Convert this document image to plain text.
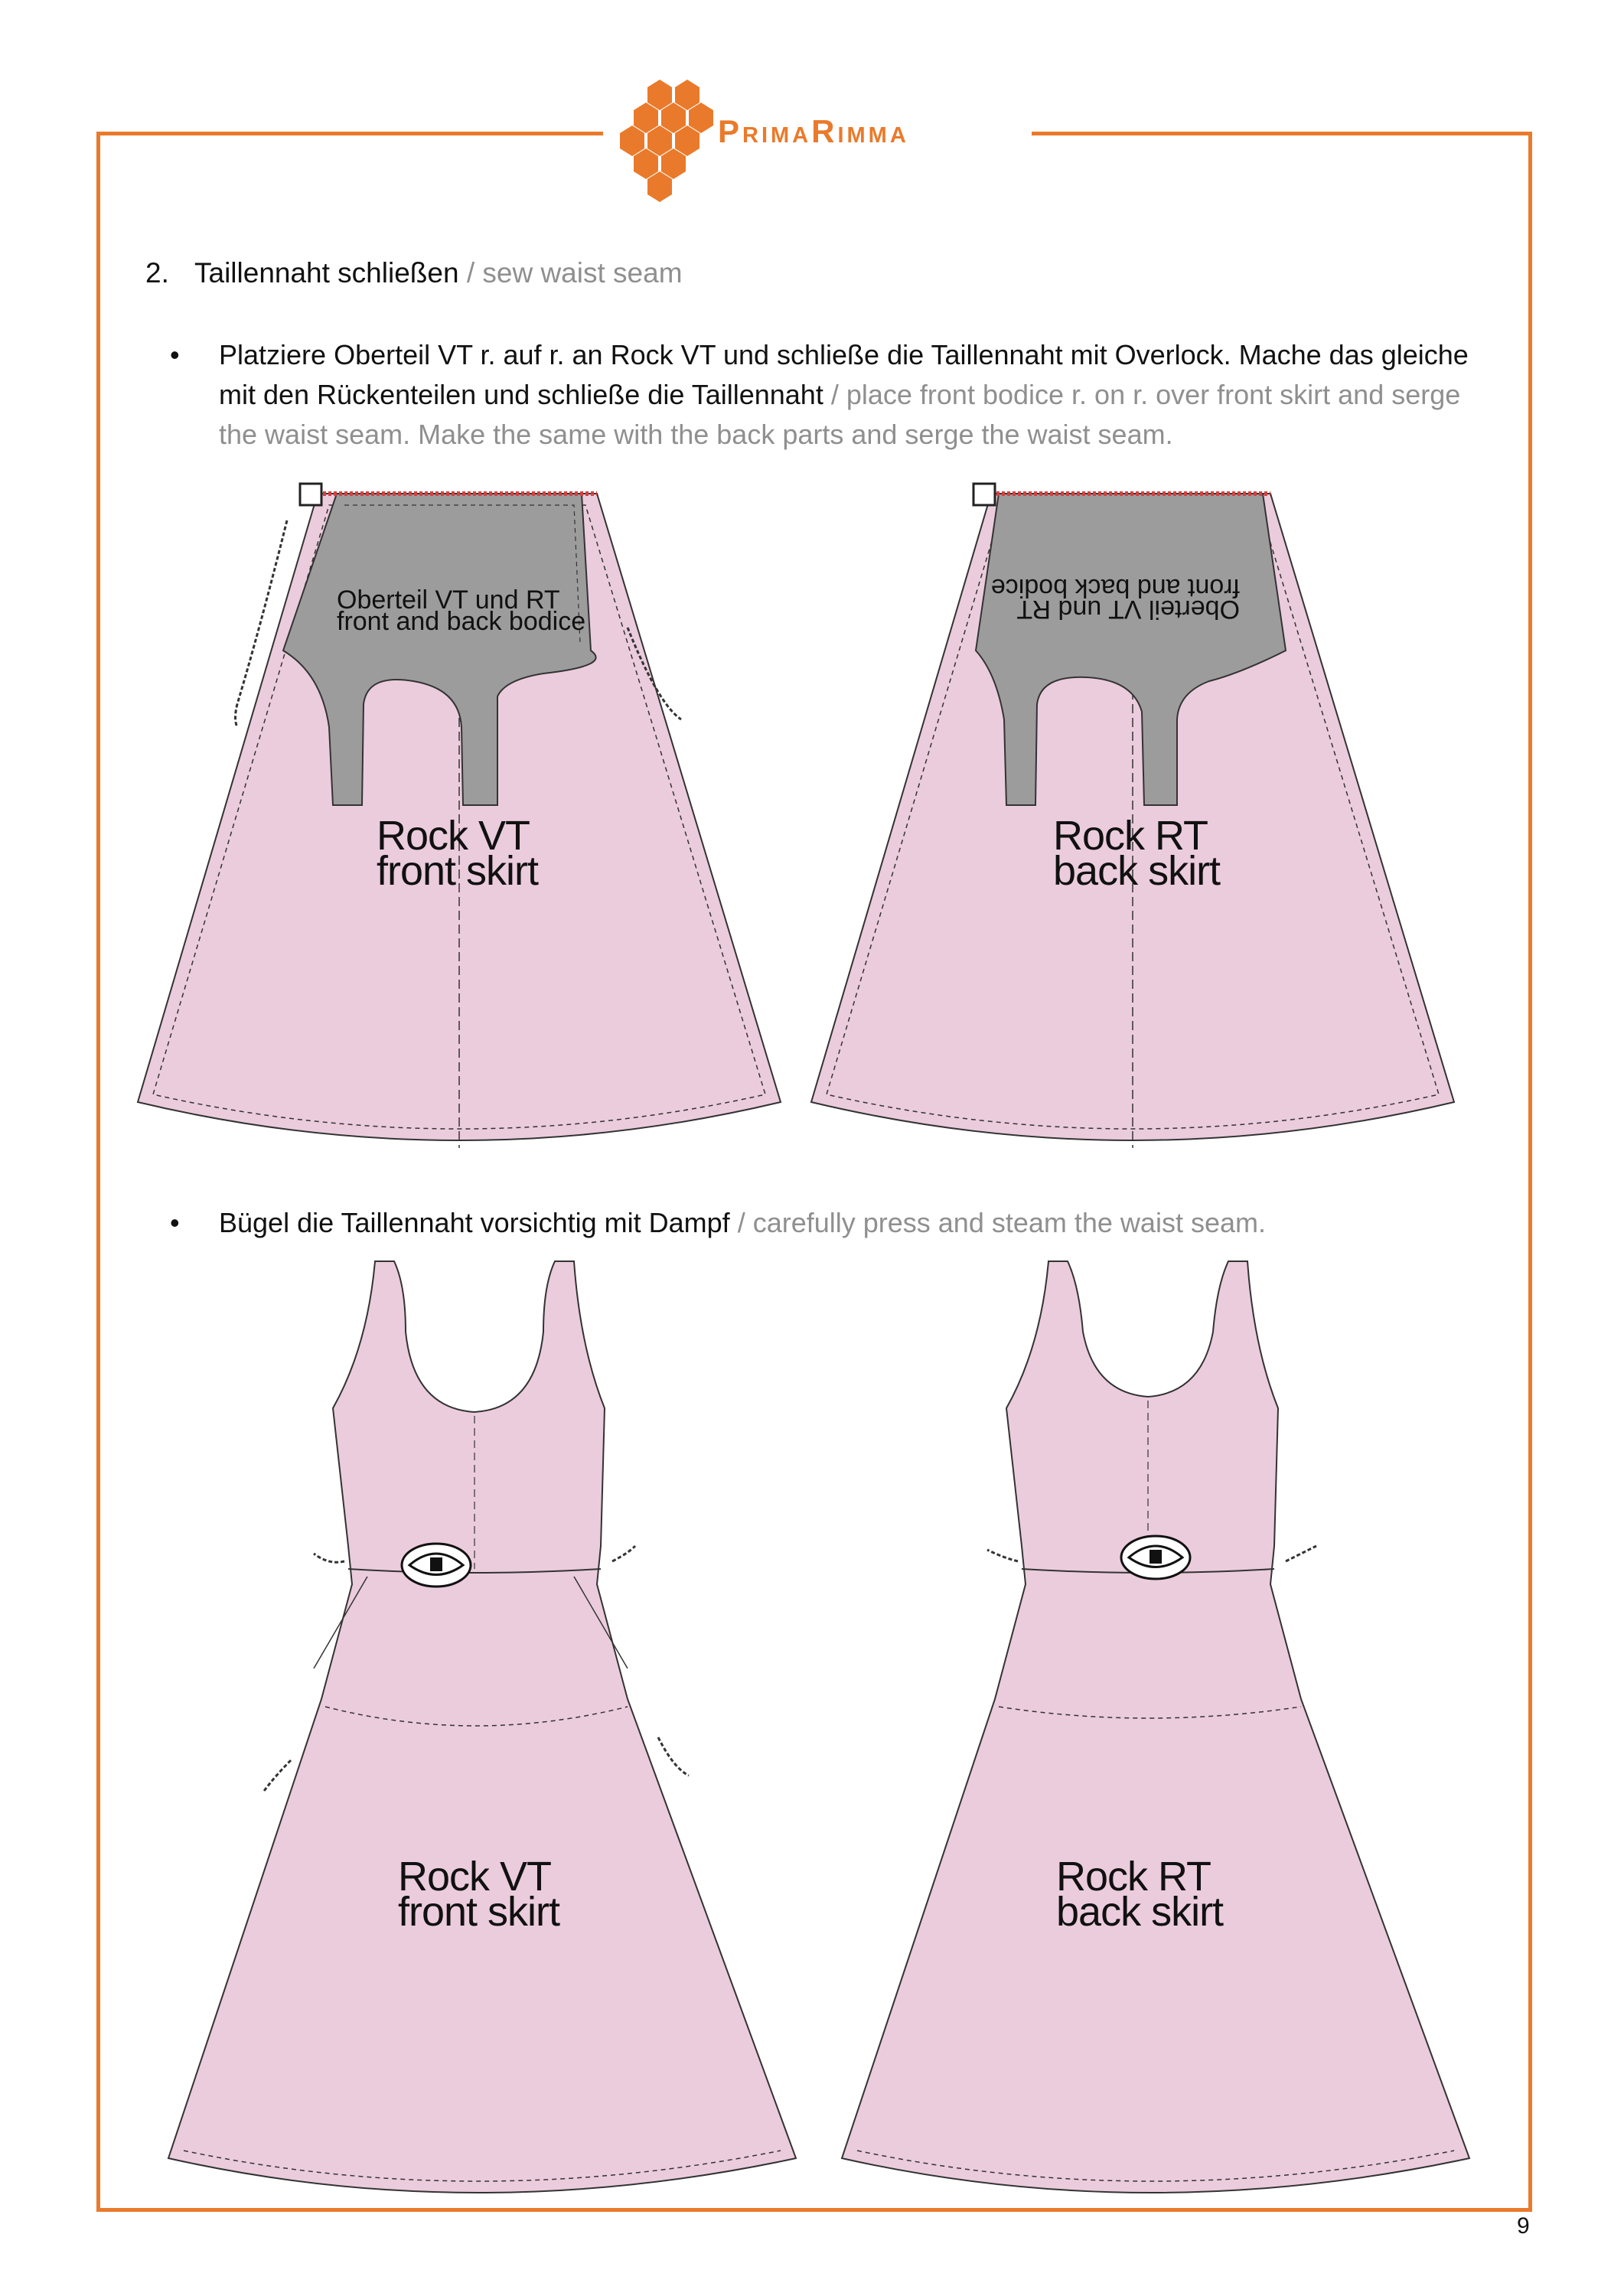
PrimaRimma
2. Taillennaht schließen / sew waist seam
• Platziere Oberteil VT r. auf r. an Rock VT und schließe die Taillennaht mit Overlock. Mache das gleiche mit den Rückenteilen und schließe die Taillennaht / place front bodice r. on r. over front skirt and serge the waist seam. Make the same with the back parts and serge the waist seam.
• Bügel die Taillennaht vorsichtig mit Dampf / carefully press and steam the waist seam.
Oberteil VT und RT
front and back bodice
Rock VT
front skirt
Oberteil VT und RT
front and back bodice
Rock RT
back skirt
Rock VT
front skirt
Rock RT
back skirt
9
